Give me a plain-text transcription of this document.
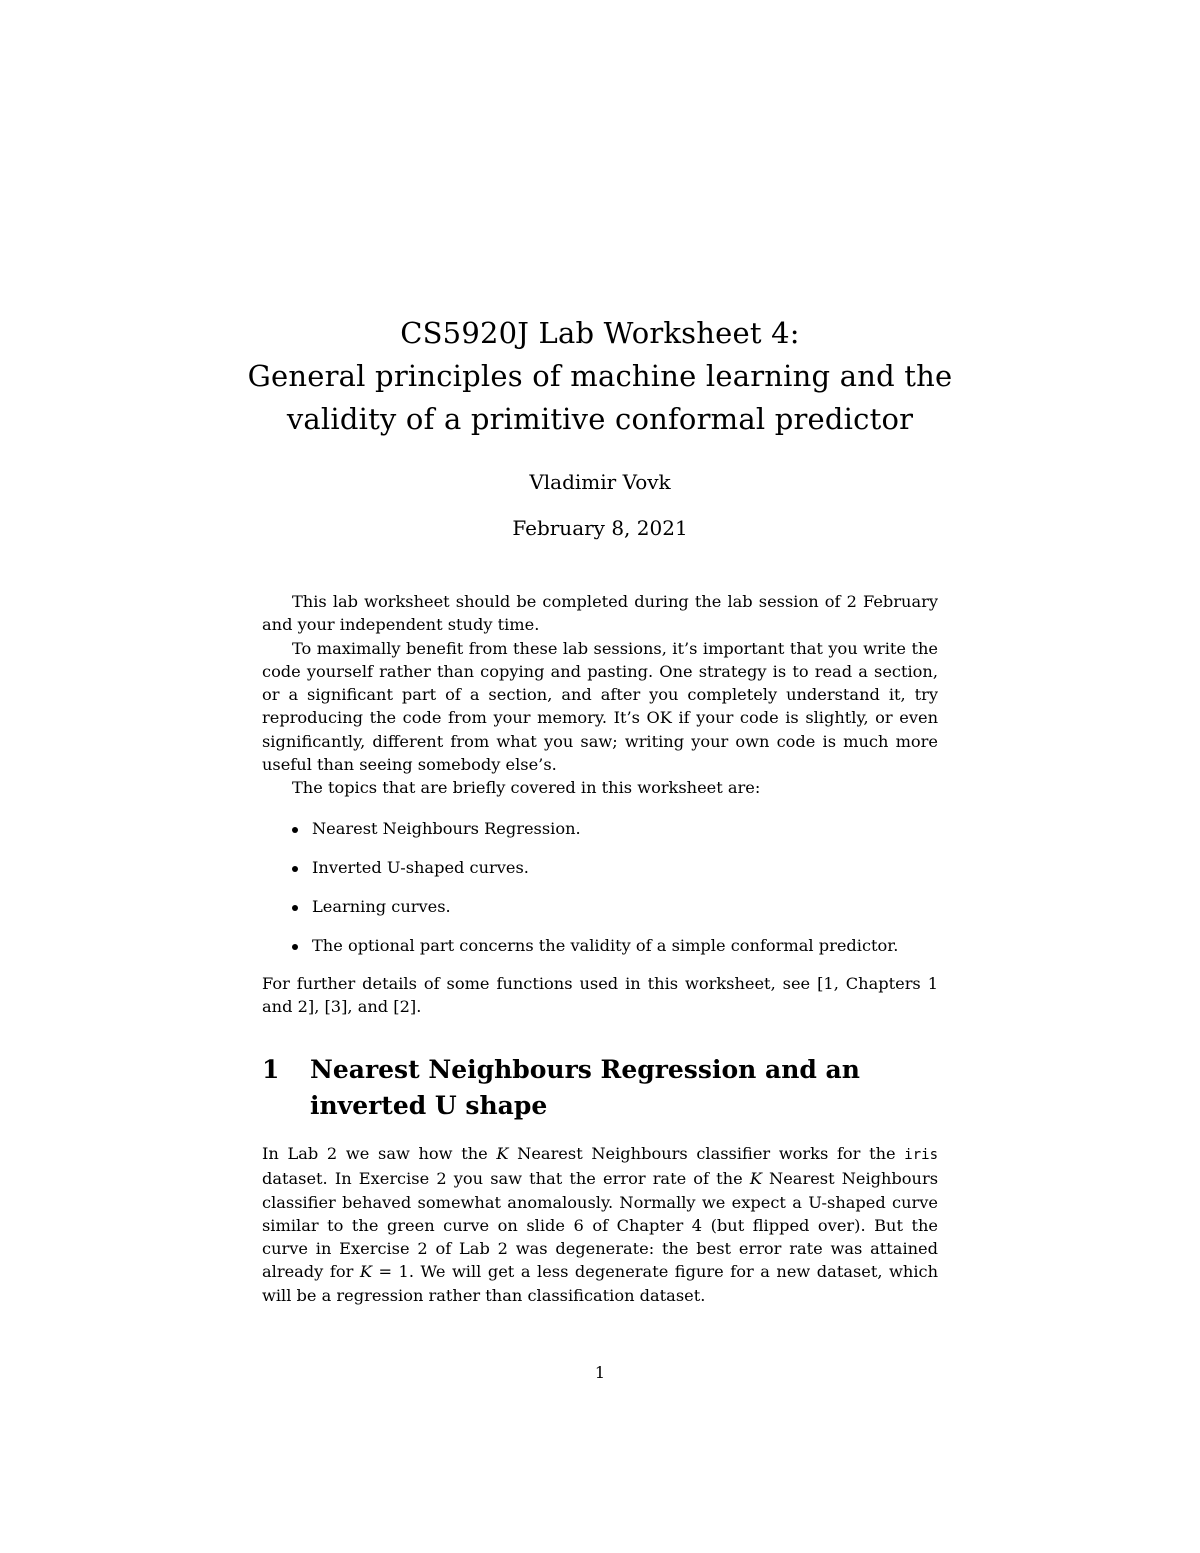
CS5920J Lab Worksheet 4:
General principles of machine learning and the
validity of a primitive conformal predictor
Vladimir Vovk
February 8, 2021

This lab worksheet should be completed during the lab session of 2 February and your independent study time.

To maximally benefit from these lab sessions, it’s important that you write the code yourself rather than copying and pasting. One strategy is to read a section, or a significant part of a section, and after you completely understand it, try reproducing the code from your memory. It’s OK if your code is slightly, or even significantly, different from what you saw; writing your own code is much more useful than seeing somebody else’s.

The topics that are briefly covered in this worksheet are:

Nearest Neighbours Regression.
Inverted U-shaped curves.
Learning curves.
The optional part concerns the validity of a simple conformal predictor.

For further details of some functions used in this worksheet, see [1, Chapters 1 and 2], [3], and [2].

1 Nearest Neighbours Regression and an inverted U shape

In Lab 2 we saw how the K Nearest Neighbours classifier works for the iris dataset. In Exercise 2 you saw that the error rate of the K Nearest Neighbours classifier behaved somewhat anomalously. Normally we expect a U-shaped curve similar to the green curve on slide 6 of Chapter 4 (but flipped over). But the curve in Exercise 2 of Lab 2 was degenerate: the best error rate was attained already for K = 1. We will get a less degenerate figure for a new dataset, which will be a regression rather than classification dataset.

1
